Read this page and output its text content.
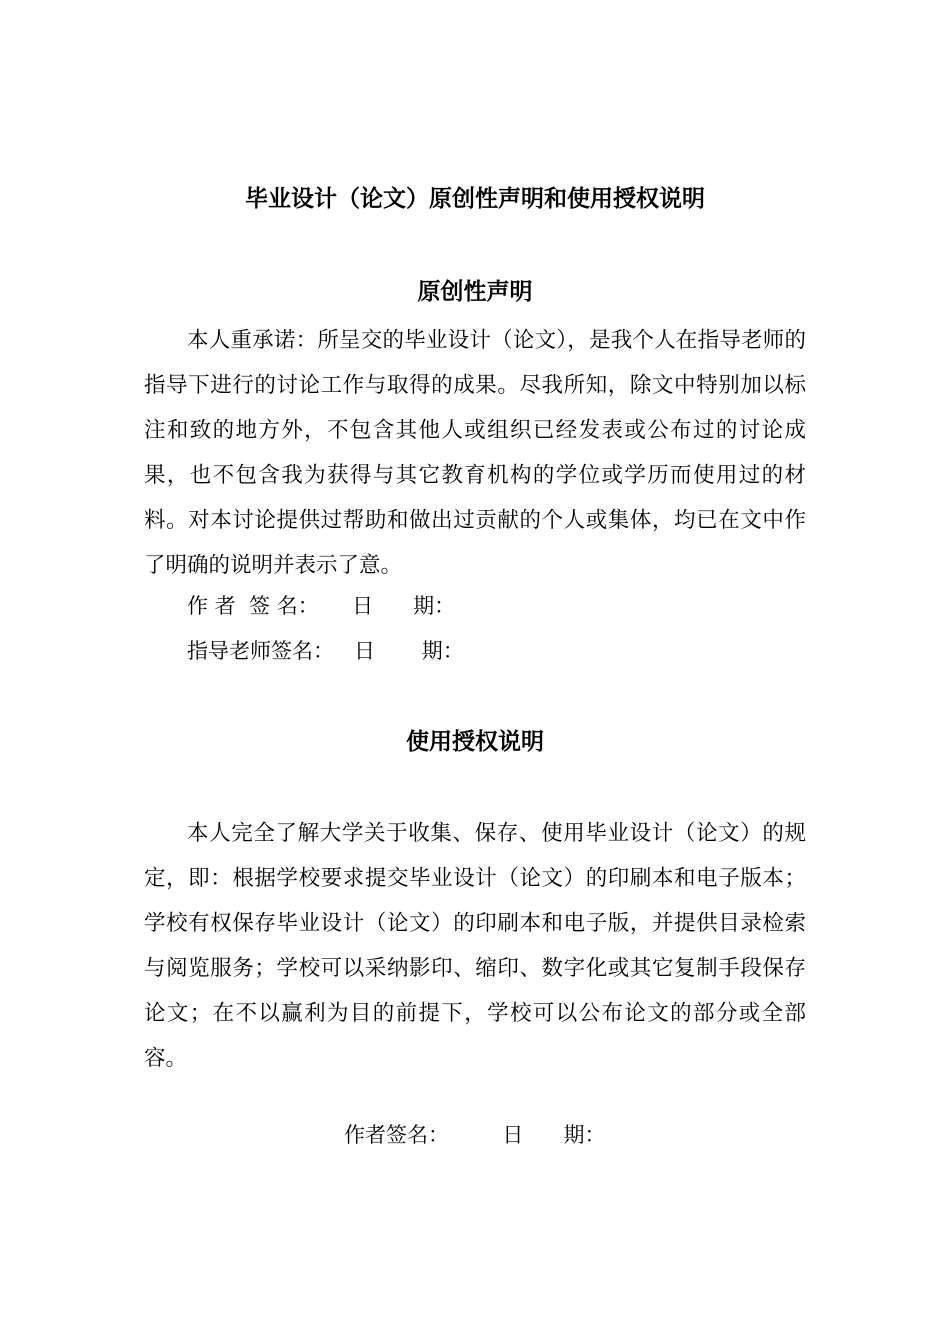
毕业设计（论文）原创性声明和使用授权说明
原创性声明

本人重承诺：所呈交的毕业设计（论文），是我个人在指导老师的指导下进行的讨论工作与取得的成果。尽我所知，除文中特别加以标注和致的地方外，不包含其他人或组织已经发表或公布过的讨论成果，也不包含我为获得与其它教育机构的学位或学历而使用过的材料。对本讨论提供过帮助和做出过贡献的个人或集体，均已在文中作了明确的说明并表示了意。

作 者  签 名：     日      期：

指导老师签名：   日       期：

使用授权说明

本人完全了解大学关于收集、保存、使用毕业设计（论文）的规定，即：根据学校要求提交毕业设计（论文）的印刷本和电子版本；学校有权保存毕业设计（论文）的印刷本和电子版，并提供目录检索与阅览服务；学校可以采纳影印、缩印、数字化或其它复制手段保存论文；在不以赢利为目的前提下，学校可以公布论文的部分或全部容。

作者签名：        日      期：
